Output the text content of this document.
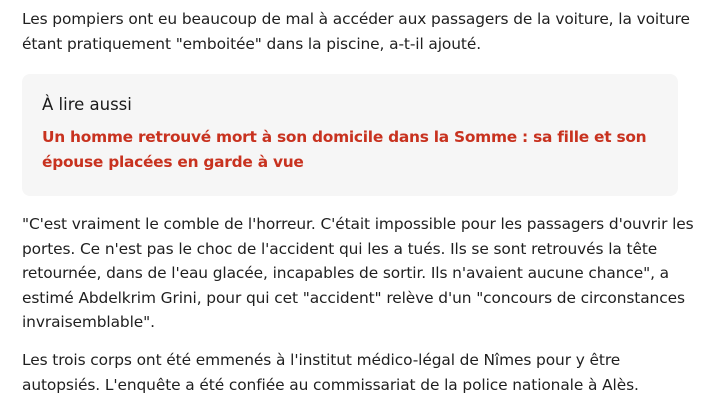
Les pompiers ont eu beaucoup de mal à accéder aux passagers de la voiture, la voiture étant pratiquement "emboitée" dans la piscine, a-t-il ajouté.

À lire aussi
Un homme retrouvé mort à son domicile dans la Somme : sa fille et son épouse placées en garde à vue

"C'est vraiment le comble de l'horreur. C'était impossible pour les passagers d'ouvrir les portes. Ce n'est pas le choc de l'accident qui les a tués. Ils se sont retrouvés la tête retournée, dans de l'eau glacée, incapables de sortir. Ils n'avaient aucune chance", a estimé Abdelkrim Grini, pour qui cet "accident" relève d'un "concours de circonstances invraisemblable".

Les trois corps ont été emmenés à l'institut médico-légal de Nîmes pour y être autopsiés. L'enquête a été confiée au commissariat de la police nationale à Alès.
